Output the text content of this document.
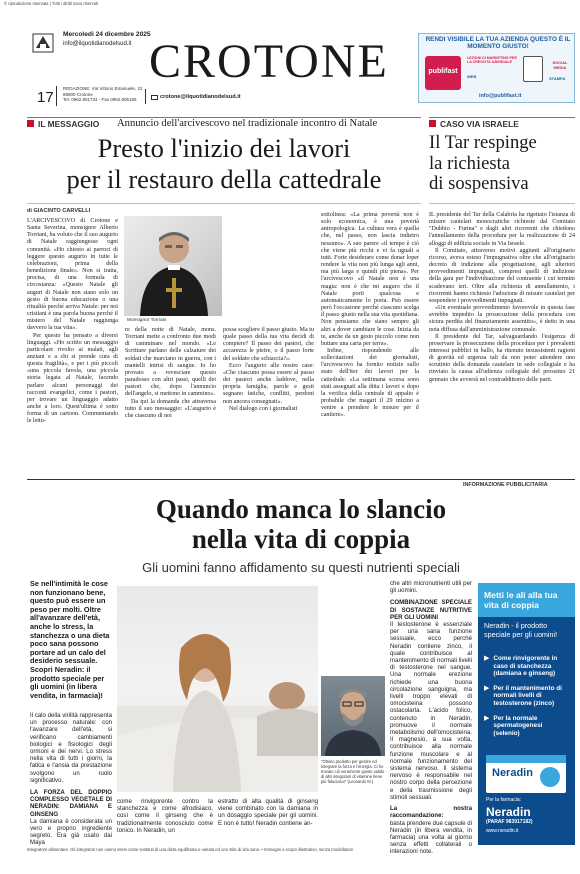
© riproduzione riservata | Tutti i diritti sono riservati
Mercoledì 24 dicembre 2025
info@ilquotidianodelsud.it CROTONE
17
REDAZIONE: Via Vittorio Emanuele, 22
88900 Crotone
Tel. 0962.901734 - Fax 0962.905185	crotone@ilquotidianodelsud.it
RENDI VISIBILE LA TUA AZIENDA QUESTO È IL MOMENTO GIUSTO!
publifast
LEZIONI DI MARKETING PER LA CRESCITA AZIENDALE
WEB
SOCIAL MEDIA
STAMPA
info@publifast.it
IL MESSAGGIO Annuncio dell'arcivescovo nel tradizionale incontro di Natale
Presto l'inizio dei lavori
per il restauro della cattedrale
di GIACINTO CARVELLI
Monsignor Torriani

L'ARCIVESCOVO di Crotone e Santa Severina, monsignor Alberto Torriani, ha voluto che il suo augurio di Natale raggiungesse ogni comunità. «Ho chiesto ai parroci di leggere questo augurio in tutte le celebrazioni, prima della benedizione finale». Non si tratta, precisa, di una formula di circostanza: «Questo Natale gli auguri di Natale non siano solo un gesto di buona educazione o una ritualità perché arriva Natale: per noi cristiani è una parola buona perché il mistero del Natale raggiunga davvero la tua vita».

Per questo ha pensato a diversi linguaggi. «Ho scritto un messaggio particolare rivolto ai malati, agli anziani e a chi si prende cura di questa fragilità», e per i più piccoli «una piccola favola, una piccola storia legata al Natale, facendo parlare alcuni personaggi dei racconti evangelici, come i pastori, per trovare un linguaggio adatto anche a loro. Quest'ultima è sotto forma di un cartoon. Commentando le lettu-

re della notte di Natale, mons. Torriani mette a confronto due modi di camminare nel mondo. «Le Scritture parlano delle calzature dei soldati che marciano in guerra, con i mantelli intrisi di sangue. Io ho provato a rovesciare questo paradosso con altri passi, quelli dei pastori che, dopo l'annuncio dell'angelo, si mettono in cammino».

Da qui la domanda che attraversa tutto il suo messaggio: «L'augurio è che ciascuno di noi

possa scegliere il passo giusto. Ma tu quale passo della tua vita decidi di compiere? Il passo dei pastori, che accarezza le pietre, o il passo forte del soldato che schiaccia?».

Ecco l'augurio alle nostre case: «Che ciascuno possa essere al passo dei pastori anche laddove, nella propria famiglia, parole e gesti segnano fatiche, conflitti, perdoni non ancora consegnati».

Nel dialogo con i giornalisti

sottolinea: «La prima povertà non è solo economica, è una povertà antropologica. La cultura vera è quella che, nel passo, non lascia indietro nessuno». A suo parere «il tempo è ciò che viene più ricchi e vi fa uguali a tutti. Forte desiderare come donar loper rendere la vita non più lunga agli anni, ma più larga e quindi più piena». Per l'arcivescovo «il Natale non è una magia: non è che mi auguro che il Natale porti qualcosa e automaticamente lo porta. Può essere però l'occasione perché ciascuno scelga il passo giusto nella sua vita quotidiana. Non pensiamo che siano sempre gli altri a dover cambiare le cose. Inizia da te, anche da un gesto piccolo come non buttare una carta per terra».

Infine, rispondendo alle sollecitazioni dei giornalisti, l'arcivescovo ha fornito notizie sullo stato dell'iter dei lavori per la cattedrale. «La settimana scorsa sono stati assegnati alla ditta i lavori e dopo la verifica della centrale di appalto è probabile che magari il 29 inizino a venire a prendere le misure per il cantiere».

CASO VIA ISRAELE
Il Tar respinge
la richiesta
di sospensiva

IL presidente del Tar della Calabria ha rigettato l'istanza di misure cautelari monocratiche richieste dal Comitato "Dubbio - Furina" e dagli altri ricorrenti che chiedono l'annullamento della procedura per la realizzazione di 24 alloggi di edilizia sociale in Via Israele.

Il Comitato, attraverso motivi aggiunti all'originario ricorso, aveva esteso l'impugnativa oltre che all'originario decreto di indizione alla progettazione, agli ulteriori provvedimenti impugnati, compresi quelli di indizione della gara per l'individuazione del contraente i cui termini scadevano ieri. Oltre alla richiesta di annullamento, i ricorrenti hanno richiesto l'adozione di misure cautelari per sospendere i provvedimenti impugnati.

«Un eventuale provvedimento favorevole in questa fase avrebbe impedito la prosecuzione della procedura con sicura perdita del finanziamento assentito», è detto in una nota diffusa dall'amministrazione comunale.

Il presidente del Tar, salvaguardando l'esigenza di preservare la prosecuzione della procedura per i prevalenti interessi pubblici in ballo, ha ritenuto insussistenti ragioni di gravità ed urgenza tali da non poter attendere uno scrutinio della domanda cautelare in sede collegiale e ha rinviato la causa all'udienza collegiale del prossimo 21 gennaio che avverrà nel contraddittorio delle parti.

INFORMAZIONE PUBBLICITARIA
Quando manca lo slancio
nella vita di coppia
Gli uomini fanno affidamento su questi nutrienti speciali
Se nell'intimità le cose non funzionano bene, questo può essere un peso per molti. Oltre all'avanzare dell'età, anche lo stress, la stanchezza o una dieta poco sana possono portare ad un calo del desiderio sessuale. Scopri Neradin: il prodotto speciale per gli uomini (in libera vendita, in farmacia)!
"Ottimo prodotto per gestire ed integrare la forza e l'energia. Ci ho trovato ciò veramente giusto valido di altri integratori di vitamine bene più fiducioso!" (Leonardo M.)

Il calo della virilità rappresenta un processo naturale: con l'avanzare dell'età, si verificano cambiamenti biologici e fisiologici degli ormoni e dei nervi. Lo stress nella vita di tutti i giorni, la fatica e l'ansia da prestazione svolgono un ruolo significativo.

LA FORZA DEL DOPPIO COMPLESSO VEGETALE DI NERADIN: DAMIANA E GINSENG

La damiana è considerata un vero e proprio ingrediente segreto. Era già usato dai Maya

come rinvigorente contro la stanchezza e come afrodisiaco, così come il ginseng che è tradizionalmente conosciuto come tonico. In Neradin, un

estratto di alta qualità di ginseng viene combinato con la damiana in un dosaggio speciale per gli uomini. E non è tutto! Neradin contiene an-

che altri micronutrienti utili per gli uomini.

COMBINAZIONE SPECIALE DI SOSTANZE NUTRITIVE PER GLI UOMINI

Il testosterone è essenziale per una sana funzione sessuale, ecco perché Neradin contiene zinco, il quale contribuisce al mantenimento di normali livelli di testosterone nel sangue. Una normale erezione richiede una buona circolazione sanguigna, ma livelli troppo elevati di omocisteina possono ostacolarla. L'acido folico, contenuto in Neradin, promuove il normale metabolismo dell'omocisteina. Il magnesio, a sua volta, contribuisce alla normale funzione muscolare e al normale funzionamento del sistema nervoso. Il sistema nervoso è responsabile nel nostro corpo della percezione e della trasmissione degli stimoli sessuali.

La nostra raccomandazione:

basta prendere due capsule di Neradin (in libera vendita, in farmacia) una volta al giorno senza effetti collaterali o interazioni note.

Metti le ali alla tua vita di coppia
Neradin - il prodotto speciale per gli uomini!
▶ Come rinvigorente in caso di stanchezza (damiana e ginseng)
▶ Per il mantenimento di normali livelli di testosterone (zinco)
▶ Per la normale spermatogenesi (selenio)
Neradin
Per la farmacia:
Neradin
(PARAF 983917182)
www.neradin.it
Integratore alimentare. Gli integratori non vanno intesi come sostituti di una dieta equilibrata e variata ed uno stile di vita sano. • Immagini a scopo illustrativo, senza modellatore
